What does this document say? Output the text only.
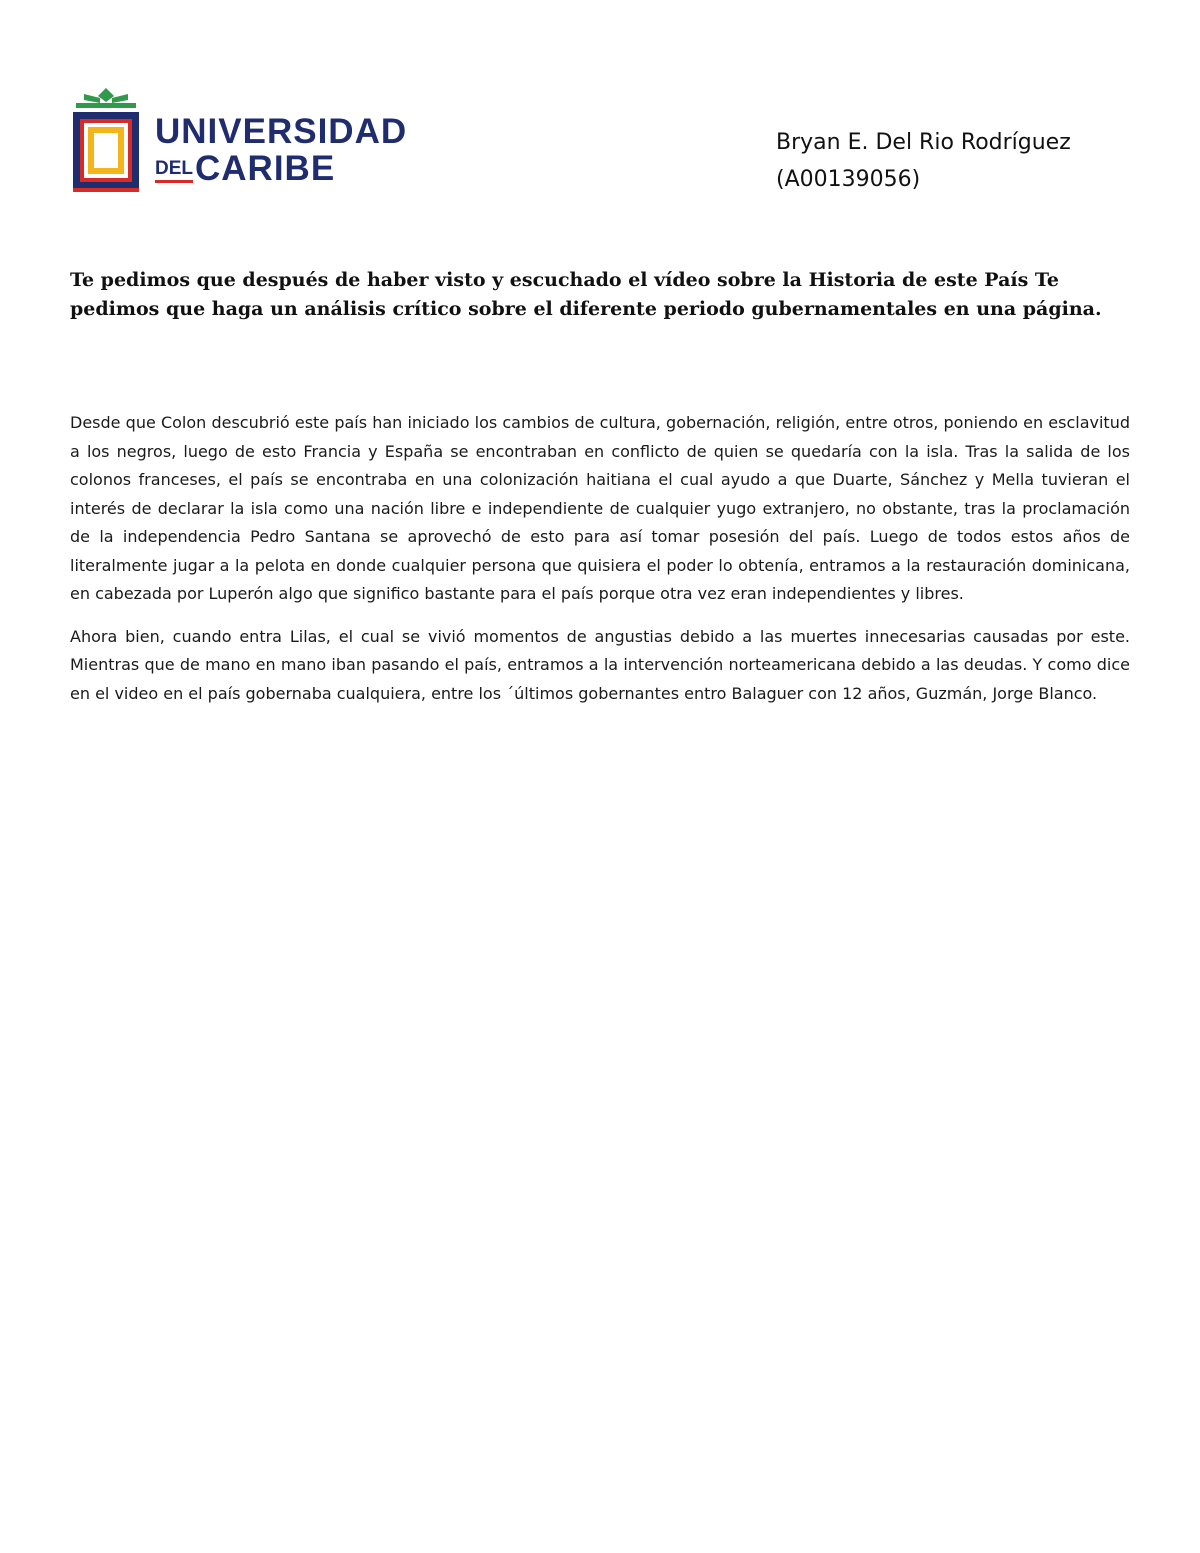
UNIVERSIDAD
DELCARIBE
Bryan E. Del Rio Rodríguez
(A00139056)
Te pedimos que después de haber visto y escuchado el vídeo sobre la Historia de este País Te pedimos que haga un análisis crítico sobre el diferente periodo gubernamentales en una página.

Desde que Colon descubrió este país han iniciado los cambios de cultura, gobernación, religión, entre otros, poniendo en esclavitud a los negros, luego de esto Francia y España se encontraban en conflicto de quien se quedaría con la isla. Tras la salida de los colonos franceses, el país se encontraba en una colonización haitiana el cual ayudo a que Duarte, Sánchez y Mella tuvieran el interés de declarar la isla como una nación libre e independiente de cualquier yugo extranjero, no obstante, tras la proclamación de la independencia Pedro Santana se aprovechó de esto para así tomar posesión del país. Luego de todos estos años de literalmente jugar a la pelota en donde cualquier persona que quisiera el poder lo obtenía, entramos a la restauración dominicana, en cabezada por Luperón algo que significo bastante para el país porque otra vez eran independientes y libres.

Ahora bien, cuando entra Lilas, el cual se vivió momentos de angustias debido a las muertes innecesarias causadas por este. Mientras que de mano en mano iban pasando el país, entramos a la intervención norteamericana debido a las deudas. Y como dice en el video en el país gobernaba cualquiera, entre los ´últimos gobernantes entro Balaguer con 12 años, Guzmán, Jorge Blanco.
